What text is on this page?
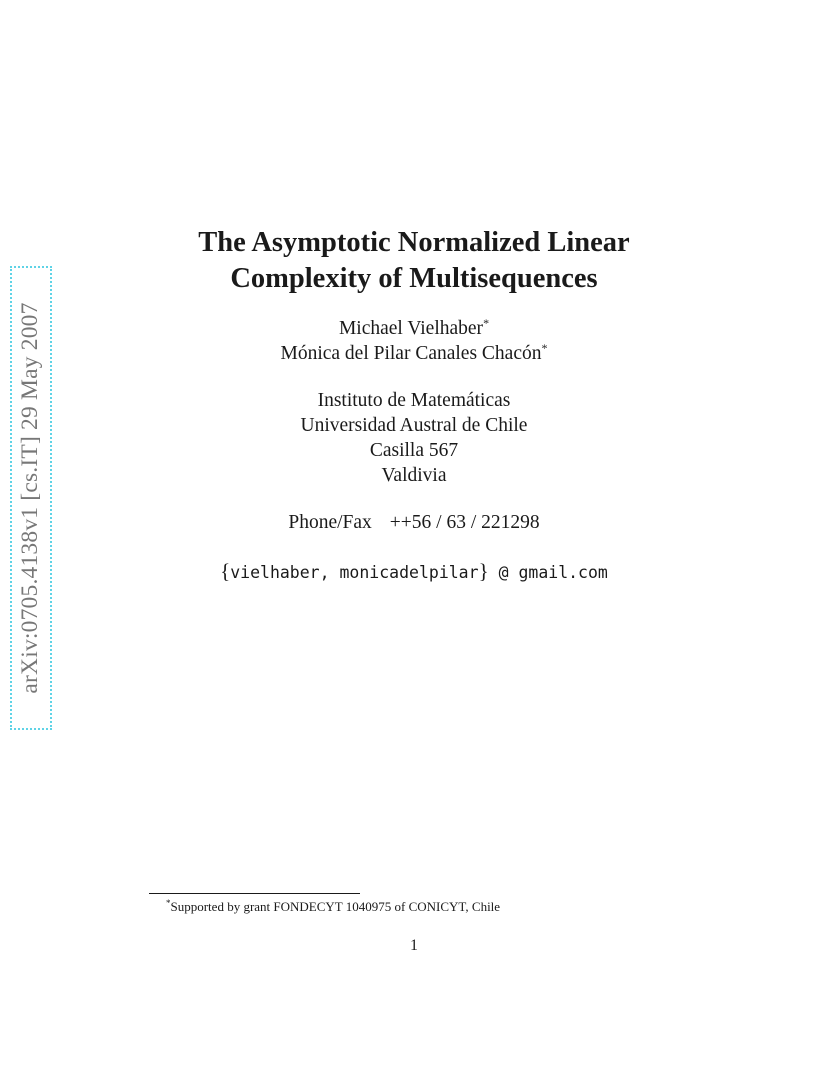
arXiv:0705.4138v1 [cs.IT] 29 May 2007
The Asymptotic Normalized Linear
Complexity of Multisequences
Michael Vielhaber*
Mónica del Pilar Canales Chacón*
Instituto de Matemáticas
Universidad Austral de Chile
Casilla 567
Valdivia
Phone/Fax ++56 / 63 / 221298
{vielhaber, monicadelpilar} @ gmail.com
*Supported by grant FONDECYT 1040975 of CONICYT, Chile
1
